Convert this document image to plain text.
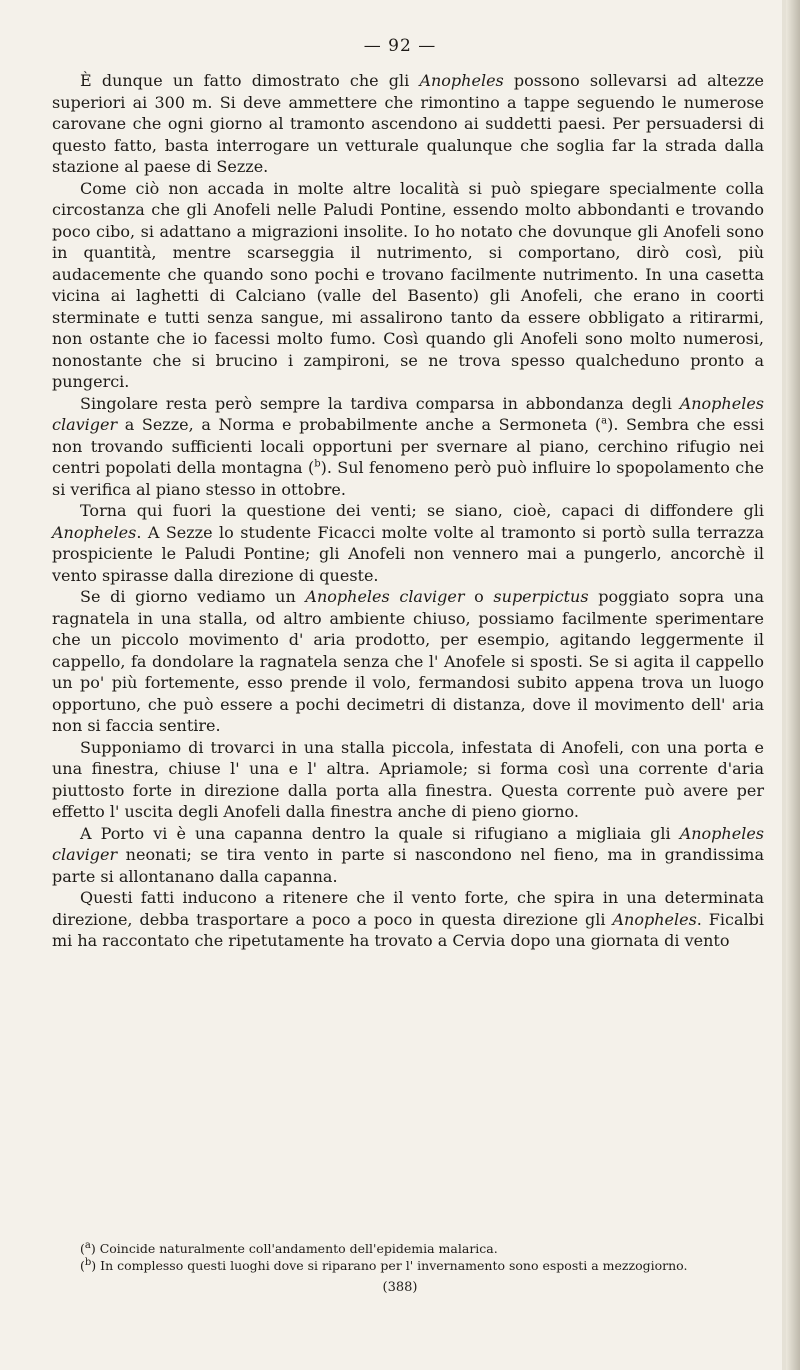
— 92 —

È dunque un fatto dimostrato che gli Anopheles possono sollevarsi ad altezze superiori ai 300 m. Si deve ammettere che rimontino a tappe seguendo le numerose carovane che ogni giorno al tramonto ascendono ai suddetti paesi. Per persuadersi di questo fatto, basta interrogare un vetturale qualunque che soglia far la strada dalla stazione al paese di Sezze.

Come ciò non accada in molte altre località si può spiegare specialmente colla circostanza che gli Anofeli nelle Paludi Pontine, essendo molto abbondanti e trovando poco cibo, si adattano a migrazioni insolite. Io ho notato che dovunque gli Anofeli sono in quantità, mentre scarseggia il nutrimento, si comportano, dirò così, più audacemente che quando sono pochi e trovano facilmente nutrimento. In una casetta vicina ai laghetti di Calciano (valle del Basento) gli Anofeli, che erano in coorti sterminate e tutti senza sangue, mi assalirono tanto da essere obbligato a ritirarmi, non ostante che io facessi molto fumo. Così quando gli Anofeli sono molto numerosi, nonostante che si brucino i zampironi, se ne trova spesso qualcheduno pronto a pungerci.

Singolare resta però sempre la tardiva comparsa in abbondanza degli Anopheles claviger a Sezze, a Norma e probabilmente anche a Sermoneta ($^a$). Sembra che essi non trovando sufficienti locali opportuni per svernare al piano, cerchino rifugio nei centri popolati della montagna ($^b$). Sul fenomeno però può influire lo spopolamento che si verifica al piano stesso in ottobre.

Torna qui fuori la questione dei venti; se siano, cioè, capaci di diffondere gli Anopheles. A Sezze lo studente Ficacci molte volte al tramonto si portò sulla terrazza prospiciente le Paludi Pontine; gli Anofeli non vennero mai a pungerlo, ancorchè il vento spirasse dalla direzione di queste.

Se di giorno vediamo un Anopheles claviger o superpictus poggiato sopra una ragnatela in una stalla, od altro ambiente chiuso, possiamo facilmente sperimentare che un piccolo movimento d' aria prodotto, per esempio, agitando leggermente il cappello, fa dondolare la ragnatela senza che l' Anofele si sposti. Se si agita il cappello un po' più fortemente, esso prende il volo, fermandosi subito appena trova un luogo opportuno, che può essere a pochi decimetri di distanza, dove il movimento dell' aria non si faccia sentire.

Supponiamo di trovarci in una stalla piccola, infestata di Anofeli, con una porta e una finestra, chiuse l' una e l' altra. Apriamole; si forma così una corrente d'aria piuttosto forte in direzione dalla porta alla finestra. Questa corrente può avere per effetto l' uscita degli Anofeli dalla finestra anche di pieno giorno.

A Porto vi è una capanna dentro la quale si rifugiano a migliaia gli Anopheles claviger neonati; se tira vento in parte si nascondono nel fieno, ma in grandissima parte si allontanano dalla capanna.

Questi fatti inducono a ritenere che il vento forte, che spira in una determinata direzione, debba trasportare a poco a poco in questa direzione gli Anopheles. Ficalbi mi ha raccontato che ripetutamente ha trovato a Cervia dopo una giornata di vento

($^a$) Coincide naturalmente coll'andamento dell'epidemia malarica.

($^b$) In complesso questi luoghi dove si riparano per l' invernamento sono esposti a mezzogiorno.

(388)
